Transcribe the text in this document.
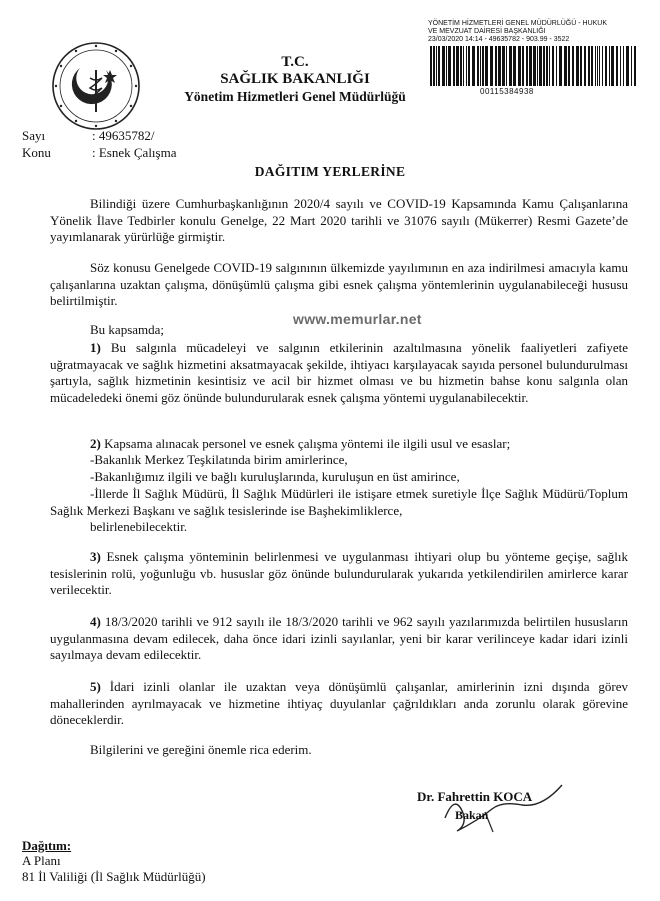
T.C.
SAĞLIK BAKANLIĞI
Yönetim Hizmetleri Genel Müdürlüğü
YÖNETİM HİZMETLERİ GENEL MÜDÜRLÜĞÜ - HUKUK
VE MEVZUAT DAİRESİ BAŞKANLIĞI
23/03/2020 14:14 - 49635782 - 903.99 - 3522
00115384938
Sayı	: 49635782/
Konu	: Esnek Çalışma
DAĞITIM YERLERİNE
Bilindiği üzere Cumhurbaşkanlığının 2020/4 sayılı ve COVID-19 Kapsamında Kamu Çalışanlarına Yönelik İlave Tedbirler konulu Genelge, 22 Mart 2020 tarihli ve 31076 sayılı (Mükerrer) Resmi Gazete’de yayımlanarak yürürlüğe girmiştir.
Söz konusu Genelgede COVID-19 salgınının ülkemizde yayılımının en aza indirilmesi amacıyla kamu çalışanlarına uzaktan çalışma, dönüşümlü çalışma gibi esnek çalışma yöntemlerinin uygulanabileceği hususu belirtilmiştir.
www.memurlar.net
Bu kapsamda;
1) Bu salgınla mücadeleyi ve salgının etkilerinin azaltılmasına yönelik faaliyetleri zafiyete uğratmayacak ve sağlık hizmetini aksatmayacak şekilde, ihtiyacı karşılayacak sayıda personel bulundurulması şartıyla, sağlık hizmetinin kesintisiz ve acil bir hizmet olması ve bu hizmetin bahse konu salgınla olan mücadeledeki önemi göz önünde bulundurularak esnek çalışma yöntemi uygulanabilecektir.
2) Kapsama alınacak personel ve esnek çalışma yöntemi ile ilgili usul ve esaslar;
-Bakanlık Merkez Teşkilatında birim amirlerince,
-Bakanlığımız ilgili ve bağlı kuruluşlarında, kuruluşun en üst amirince,
-İllerde İl Sağlık Müdürü, İl Sağlık Müdürleri ile istişare etmek suretiyle İlçe Sağlık Müdürü/Toplum Sağlık Merkezi Başkanı ve sağlık tesislerinde ise Başhekimliklerce,
belirlenebilecektir.
3) Esnek çalışma yönteminin belirlenmesi ve uygulanması ihtiyari olup bu yönteme geçişe, sağlık tesislerinin rolü, yoğunluğu vb. hususlar göz önünde bulundurularak yukarıda yetkilendirilen amirlerce karar verilecektir.
4) 18/3/2020 tarihli ve 912 sayılı ile 18/3/2020 tarihli ve 962 sayılı yazılarımızda belirtilen hususların uygulanmasına devam edilecek, daha önce idari izinli sayılanlar, yeni bir karar verilinceye kadar idari izinli sayılmaya devam edilecektir.
5) İdari izinli olanlar ile uzaktan veya dönüşümlü çalışanlar, amirlerinin izni dışında görev mahallerinden ayrılmayacak ve hizmetine ihtiyaç duyulanlar çağrıldıkları anda zorunlu olarak görevine döneceklerdir.
Bilgilerini ve gereğini önemle rica ederim.
Dr. Fahrettin KOCA
Bakan
Dağıtım:
A Planı
81 İl Valiliği (İl Sağlık Müdürlüğü)
